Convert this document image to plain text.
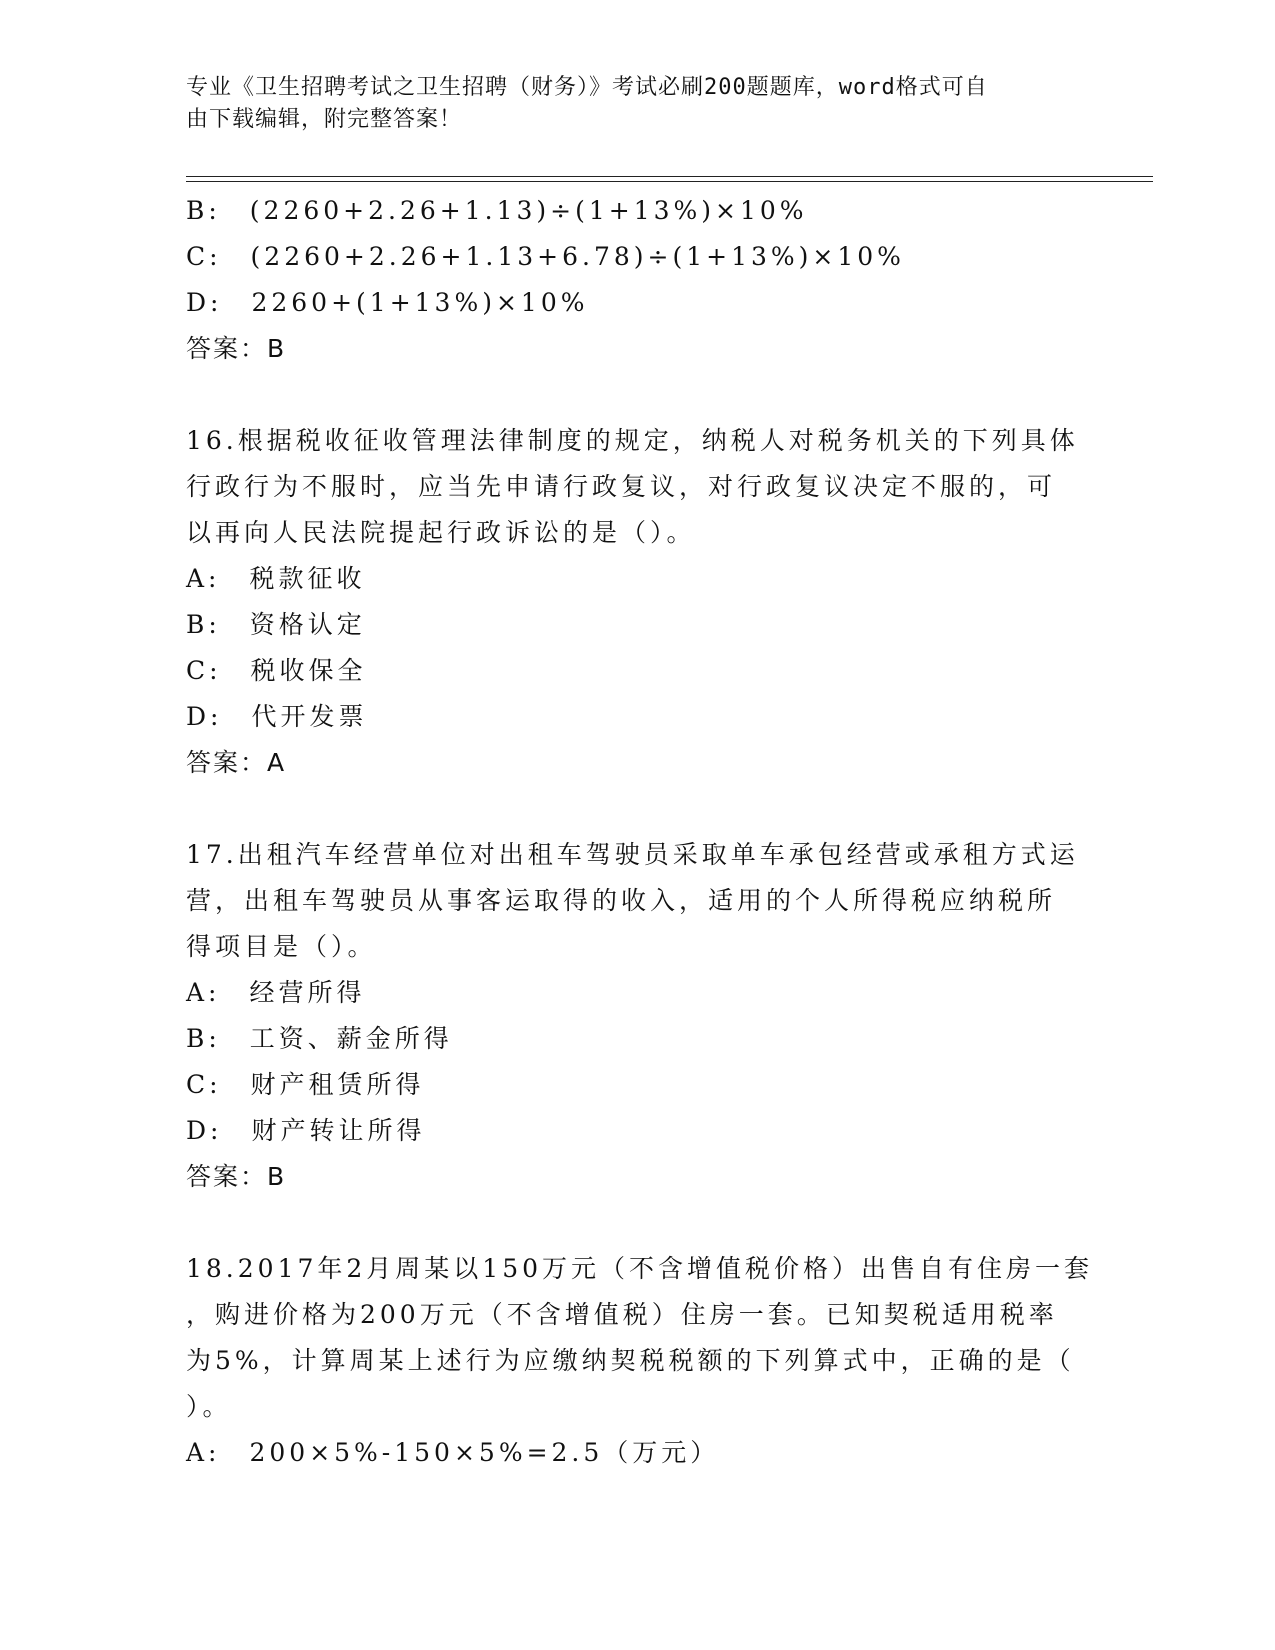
专业《卫生招聘考试之卫生招聘（财务）》考试必刷200题题库，word格式可自
由下载编辑，附完整答案！
B:　(2260+2.26+1.13)÷(1+13%)×10%
C:　(2260+2.26+1.13+6.78)÷(1+13%)×10%
D:　2260+(1+13%)×10%
答案：B
16.根据税收征收管理法律制度的规定，纳税人对税务机关的下列具体
行政行为不服时，应当先申请行政复议，对行政复议决定不服的，可
以再向人民法院提起行政诉讼的是（）。
A:　税款征收
B:　资格认定
C:　税收保全
D:　代开发票
答案：A
17.出租汽车经营单位对出租车驾驶员采取单车承包经营或承租方式运
营，出租车驾驶员从事客运取得的收入，适用的个人所得税应纳税所
得项目是（）。
A:　经营所得
B:　工资、薪金所得
C:　财产租赁所得
D:　财产转让所得
答案：B
18.2017年2月周某以150万元（不含增值税价格）出售自有住房一套
，购进价格为200万元（不含增值税）住房一套。已知契税适用税率
为5%，计算周某上述行为应缴纳契税税额的下列算式中，正确的是（
）。
A:　200×5%-150×5%=2.5（万元）
